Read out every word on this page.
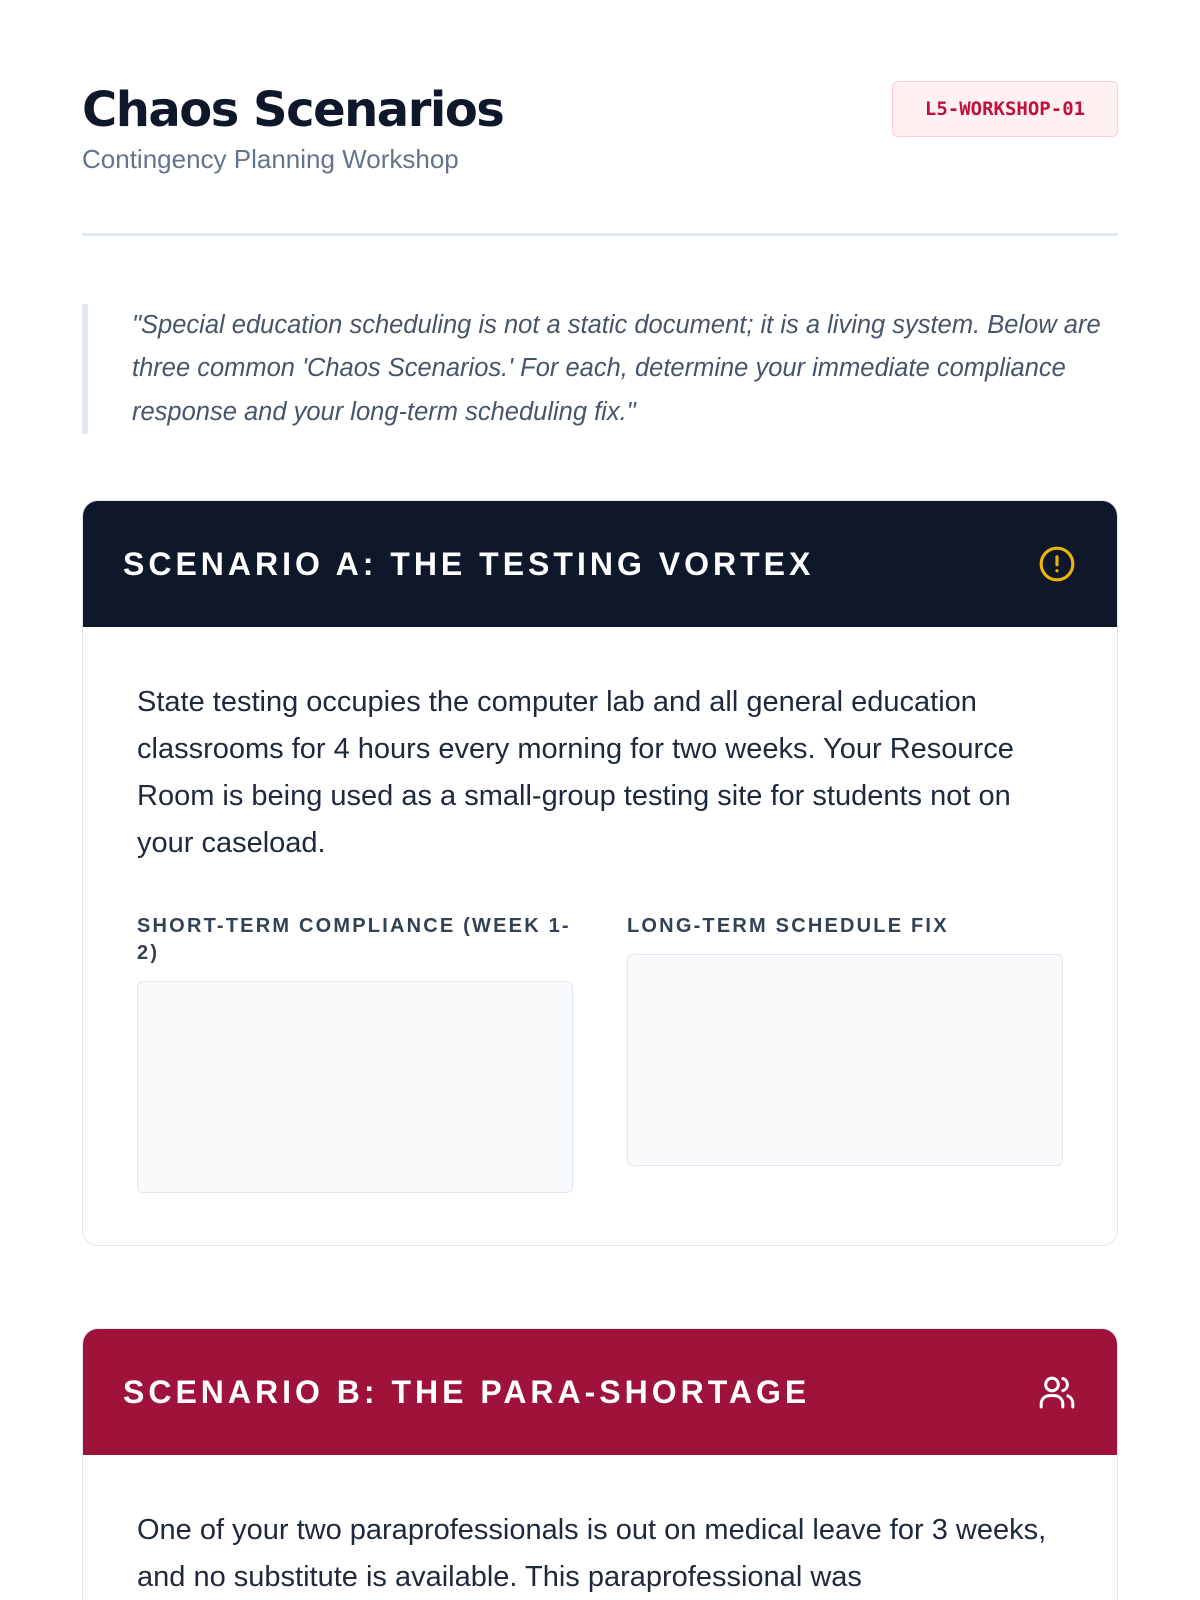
Chaos Scenarios
Contingency Planning Workshop
L5-WORKSHOP-01
"Special education scheduling is not a static document; it is a living system. Below are three common 'Chaos Scenarios.' For each, determine your immediate compliance response and your long-term scheduling fix."
SCENARIO A: THE TESTING VORTEX

State testing occupies the computer lab and all general education classrooms for 4 hours every morning for two weeks. Your Resource Room is being used as a small-group testing site for students not on your caseload.

SHORT-TERM COMPLIANCE (WEEK 1-2)
LONG-TERM SCHEDULE FIX
SCENARIO B: THE PARA-SHORTAGE

One of your two paraprofessionals is out on medical leave for 3 weeks, and no substitute is available. This paraprofessional was
